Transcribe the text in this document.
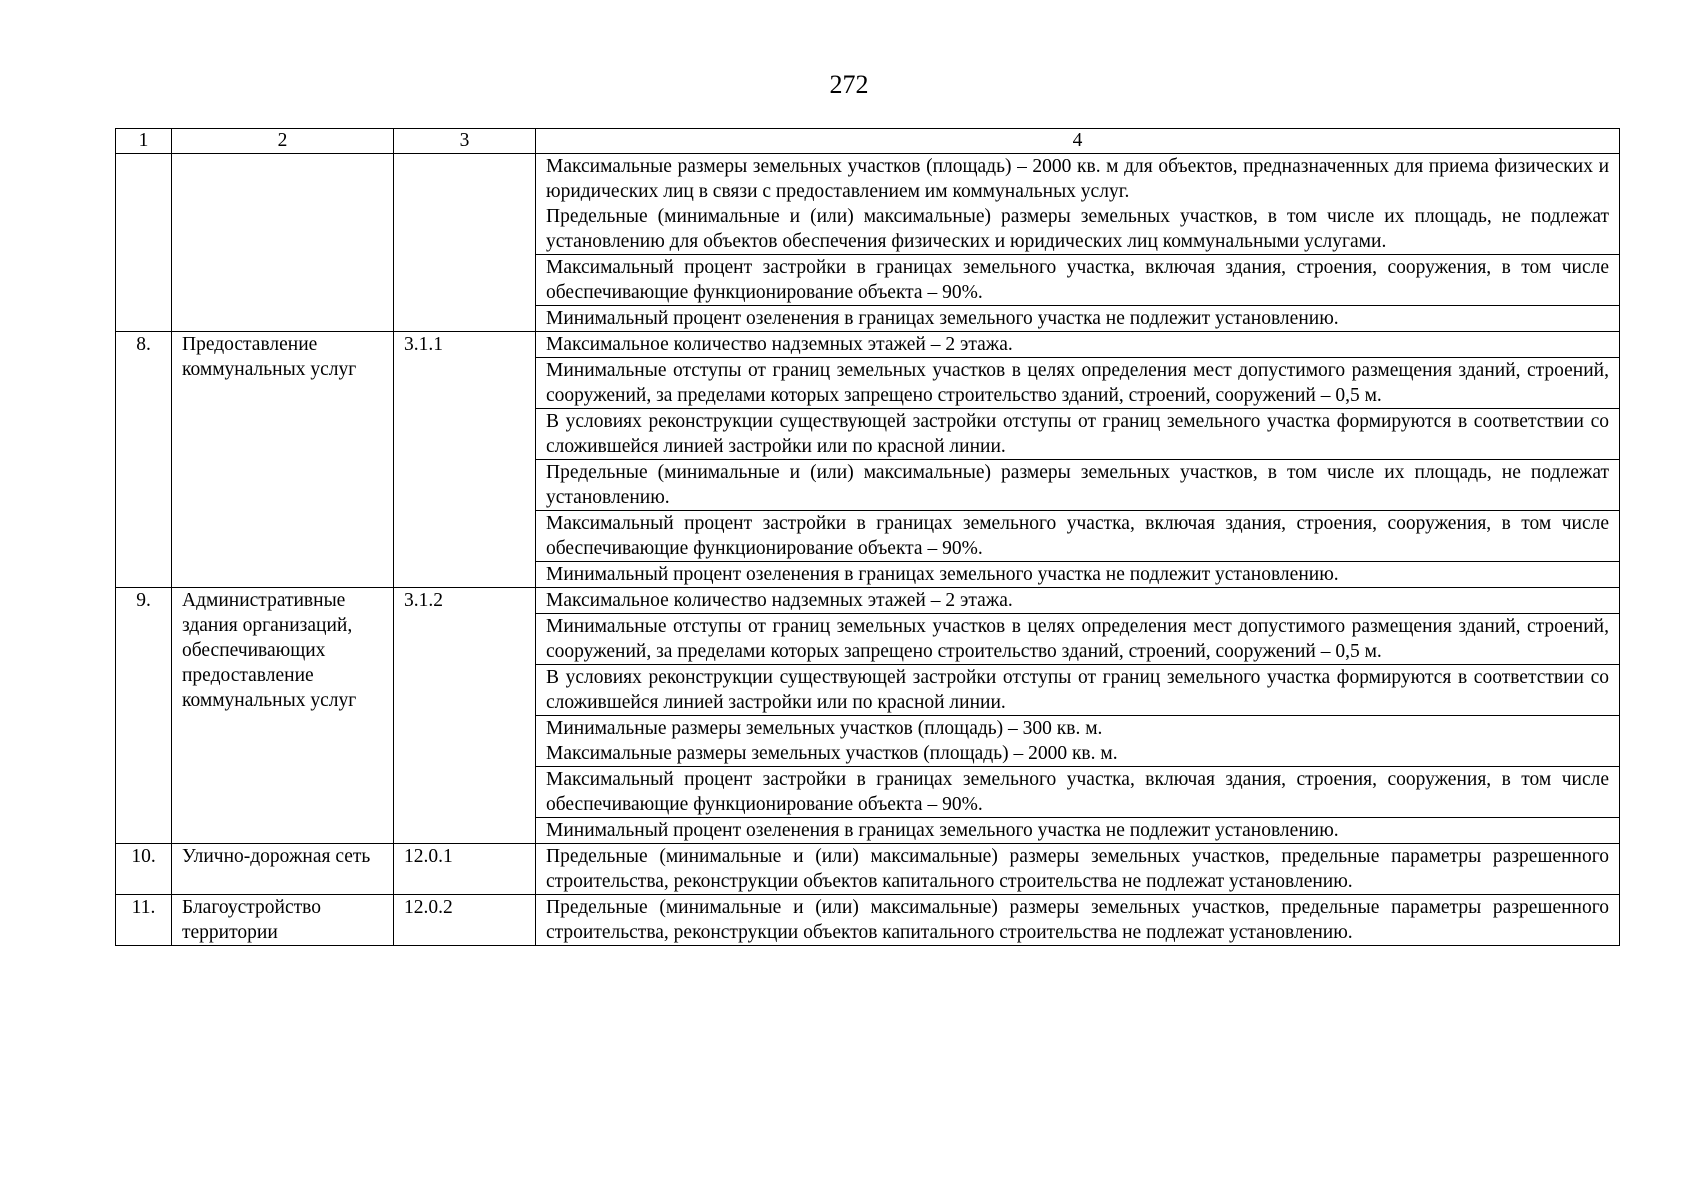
272
1	2	3	4

			Максимальные размеры земельных участков (площадь) – 2000 кв. м для объектов, предназначенных для приема физических и юридических лиц в связи с предоставлением им коммунальных услуг.
Предельные (минимальные и (или) максимальные) размеры земельных участков, в том числе их площадь, не подлежат установлению для объектов обеспечения физических и юридических лиц коммунальными услугами.

			Максимальный процент застройки в границах земельного участка, включая здания, строения, сооружения, в том числе обеспечивающие функционирование объекта – 90%.

			Минимальный процент озеленения в границах земельного участка не подлежит установлению.

8.	Предоставление коммунальных услуг	3.1.1	Максимальное количество надземных этажей – 2 этажа.

			Минимальные отступы от границ земельных участков в целях определения мест допустимого размещения зданий, строений, сооружений, за пределами которых запрещено строительство зданий, строений, сооружений – 0,5 м.

			В условиях реконструкции существующей застройки отступы от границ земельного участка формируются в соответствии со сложившейся линией застройки или по красной линии.

			Предельные (минимальные и (или) максимальные) размеры земельных участков, в том числе их площадь, не подлежат установлению.

			Максимальный процент застройки в границах земельного участка, включая здания, строения, сооружения, в том числе обеспечивающие функционирование объекта – 90%.

			Минимальный процент озеленения в границах земельного участка не подлежит установлению.

9.	Административные здания организаций, обеспечивающих предоставление коммунальных услуг	3.1.2	Максимальное количество надземных этажей – 2 этажа.

			Минимальные отступы от границ земельных участков в целях определения мест допустимого размещения зданий, строений, сооружений, за пределами которых запрещено строительство зданий, строений, сооружений – 0,5 м.

			В условиях реконструкции существующей застройки отступы от границ земельного участка формируются в соответствии со сложившейся линией застройки или по красной линии.

			Минимальные размеры земельных участков (площадь) – 300 кв. м.
Максимальные размеры земельных участков (площадь) – 2000 кв. м.

			Максимальный процент застройки в границах земельного участка, включая здания, строения, сооружения, в том числе обеспечивающие функционирование объекта – 90%.

			Минимальный процент озеленения в границах земельного участка не подлежит установлению.

10.	Улично-дорожная сеть	12.0.1	Предельные (минимальные и (или) максимальные) размеры земельных участков, предельные параметры разрешенного строительства, реконструкции объектов капитального строительства не подлежат установлению.

11.	Благоустройство территории	12.0.2	Предельные (минимальные и (или) максимальные) размеры земельных участков, предельные параметры разрешенного строительства, реконструкции объектов капитального строительства не подлежат установлению.
